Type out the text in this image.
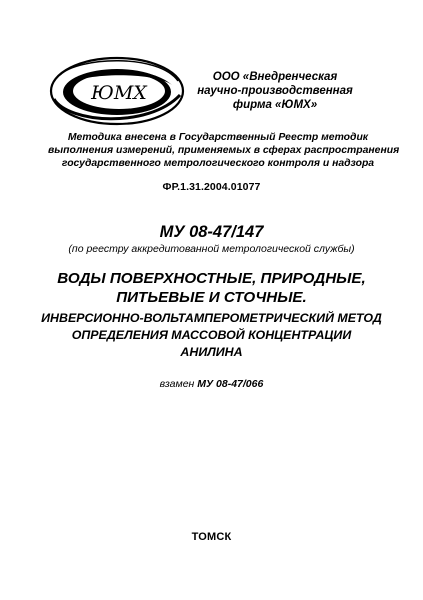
ЮМХ
ООО «Внедренческая
научно-производственная
фирма «ЮМХ»
Методика внесена в Государственный Реестр методик
выполнения измерений, применяемых в сферах распространения
государственного метрологического контроля и надзора
ФР.1.31.2004.01077
МУ 08-47/147
(по реестру аккредитованной метрологической службы)
ВОДЫ ПОВЕРХНОСТНЫЕ, ПРИРОДНЫЕ,
ПИТЬЕВЫЕ И СТОЧНЫЕ.
ИНВЕРСИОННО-ВОЛЬТАМПЕРОМЕТРИЧЕСКИЙ МЕТОД
ОПРЕДЕЛЕНИЯ МАССОВОЙ КОНЦЕНТРАЦИИ
АНИЛИНА
взамен МУ 08-47/066
ТОМСК
